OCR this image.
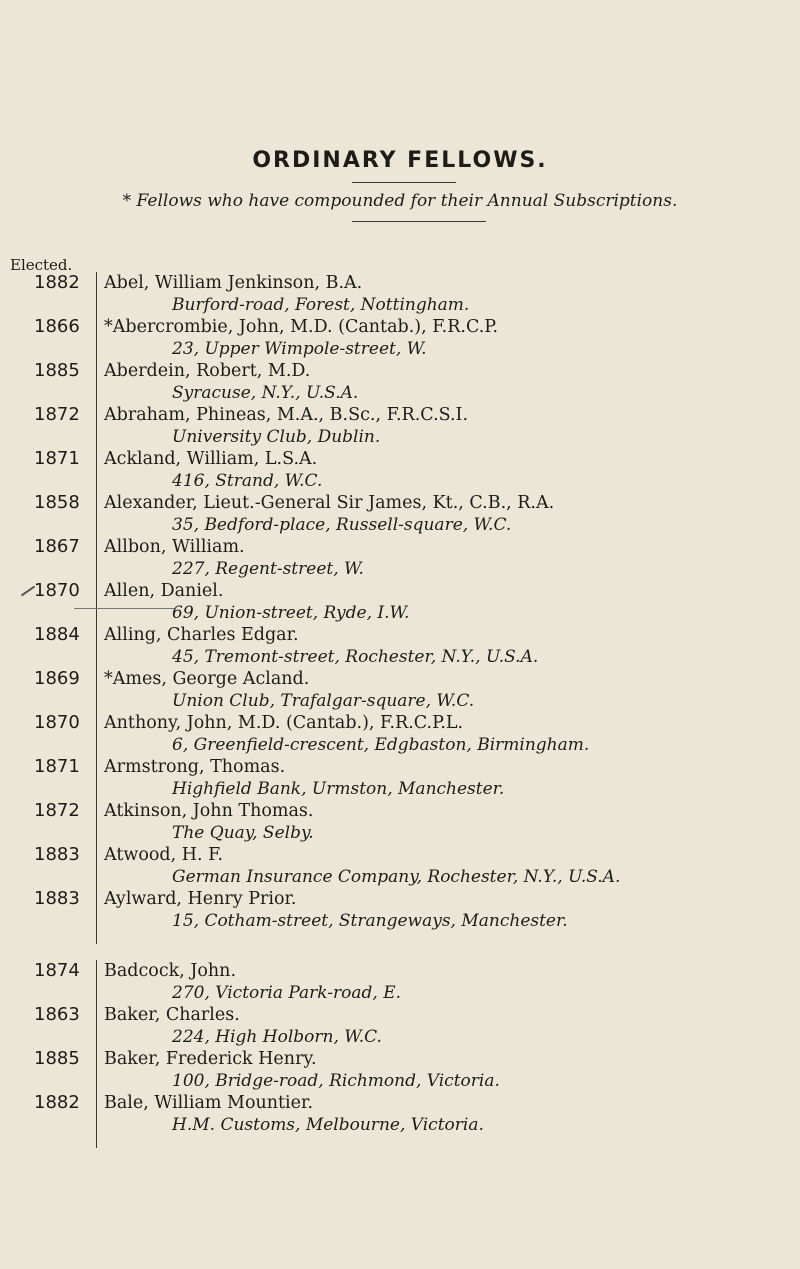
ORDINARY FELLOWS.
* Fellows who have compounded for their Annual Subscriptions.
Elected.
1882 Abel, William Jenkinson, B.A.
Burford-road, Forest, Nottingham.
1866 *Abercrombie, John, M.D. (Cantab.), F.R.C.P.
23, Upper Wimpole-street, W.
1885 Aberdein, Robert, M.D.
Syracuse, N.Y., U.S.A.
1872 Abraham, Phineas, M.A., B.Sc., F.R.C.S.I.
University Club, Dublin.
1871 Ackland, William, L.S.A.
416, Strand, W.C.
1858 Alexander, Lieut.-General Sir James, Kt., C.B., R.A.
35, Bedford-place, Russell-square, W.C.
1867 Allbon, William.
227, Regent-street, W.
1870 Allen, Daniel.
69, Union-street, Ryde, I.W.
1884 Alling, Charles Edgar.
45, Tremont-street, Rochester, N.Y., U.S.A.
1869 *Ames, George Acland.
Union Club, Trafalgar-square, W.C.
1870 Anthony, John, M.D. (Cantab.), F.R.C.P.L.
6, Greenfield-crescent, Edgbaston, Birmingham.
1871 Armstrong, Thomas.
Highfield Bank, Urmston, Manchester.
1872 Atkinson, John Thomas.
The Quay, Selby.
1883 Atwood, H. F.
German Insurance Company, Rochester, N.Y., U.S.A.
1883 Aylward, Henry Prior.
15, Cotham-street, Strangeways, Manchester.
1874 Badcock, John.
270, Victoria Park-road, E.
1863 Baker, Charles.
224, High Holborn, W.C.
1885 Baker, Frederick Henry.
100, Bridge-road, Richmond, Victoria.
1882 Bale, William Mountier.
H.M. Customs, Melbourne, Victoria.
